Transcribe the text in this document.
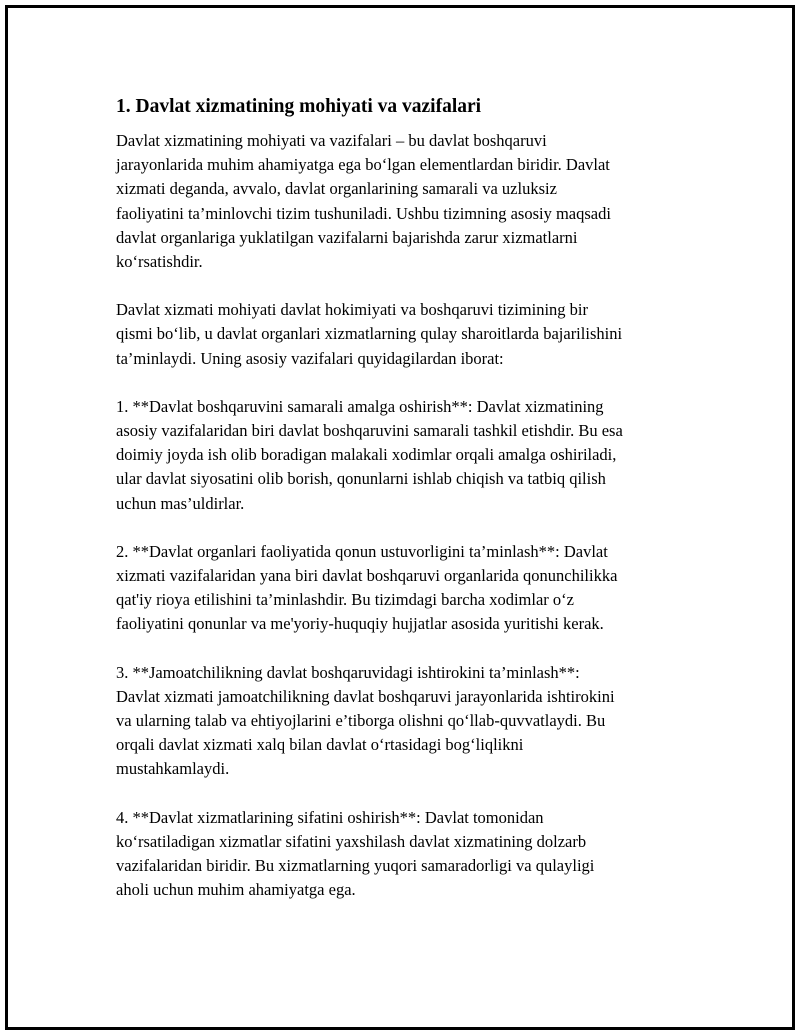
1. Davlat xizmatining mohiyati va vazifalari

Davlat xizmatining mohiyati va vazifalari – bu davlat boshqaruvi
jarayonlarida muhim ahamiyatga ega bo‘lgan elementlardan biridir. Davlat
xizmati deganda, avvalo, davlat organlarining samarali va uzluksiz
faoliyatini ta’minlovchi tizim tushuniladi. Ushbu tizimning asosiy maqsadi
davlat organlariga yuklatilgan vazifalarni bajarishda zarur xizmatlarni
ko‘rsatishdir.

Davlat xizmati mohiyati davlat hokimiyati va boshqaruvi tizimining bir
qismi bo‘lib, u davlat organlari xizmatlarning qulay sharoitlarda bajarilishini
ta’minlaydi. Uning asosiy vazifalari quyidagilardan iborat:

1. **Davlat boshqaruvini samarali amalga oshirish**: Davlat xizmatining
asosiy vazifalaridan biri davlat boshqaruvini samarali tashkil etishdir. Bu esa
doimiy joyda ish olib boradigan malakali xodimlar orqali amalga oshiriladi,
ular davlat siyosatini olib borish, qonunlarni ishlab chiqish va tatbiq qilish
uchun mas’uldirlar.

2. **Davlat organlari faoliyatida qonun ustuvorligini ta’minlash**: Davlat
xizmati vazifalaridan yana biri davlat boshqaruvi organlarida qonunchilikka
qat'iy rioya etilishini ta’minlashdir. Bu tizimdagi barcha xodimlar o‘z
faoliyatini qonunlar va me'yoriy-huquqiy hujjatlar asosida yuritishi kerak.

3. **Jamoatchilikning davlat boshqaruvidagi ishtirokini ta’minlash**:
Davlat xizmati jamoatchilikning davlat boshqaruvi jarayonlarida ishtirokini
va ularning talab va ehtiyojlarini e’tiborga olishni qo‘llab-quvvatlaydi. Bu
orqali davlat xizmati xalq bilan davlat o‘rtasidagi bog‘liqlikni
mustahkamlaydi.

4. **Davlat xizmatlarining sifatini oshirish**: Davlat tomonidan
ko‘rsatiladigan xizmatlar sifatini yaxshilash davlat xizmatining dolzarb
vazifalaridan biridir. Bu xizmatlarning yuqori samaradorligi va qulayligi
aholi uchun muhim ahamiyatga ega.
